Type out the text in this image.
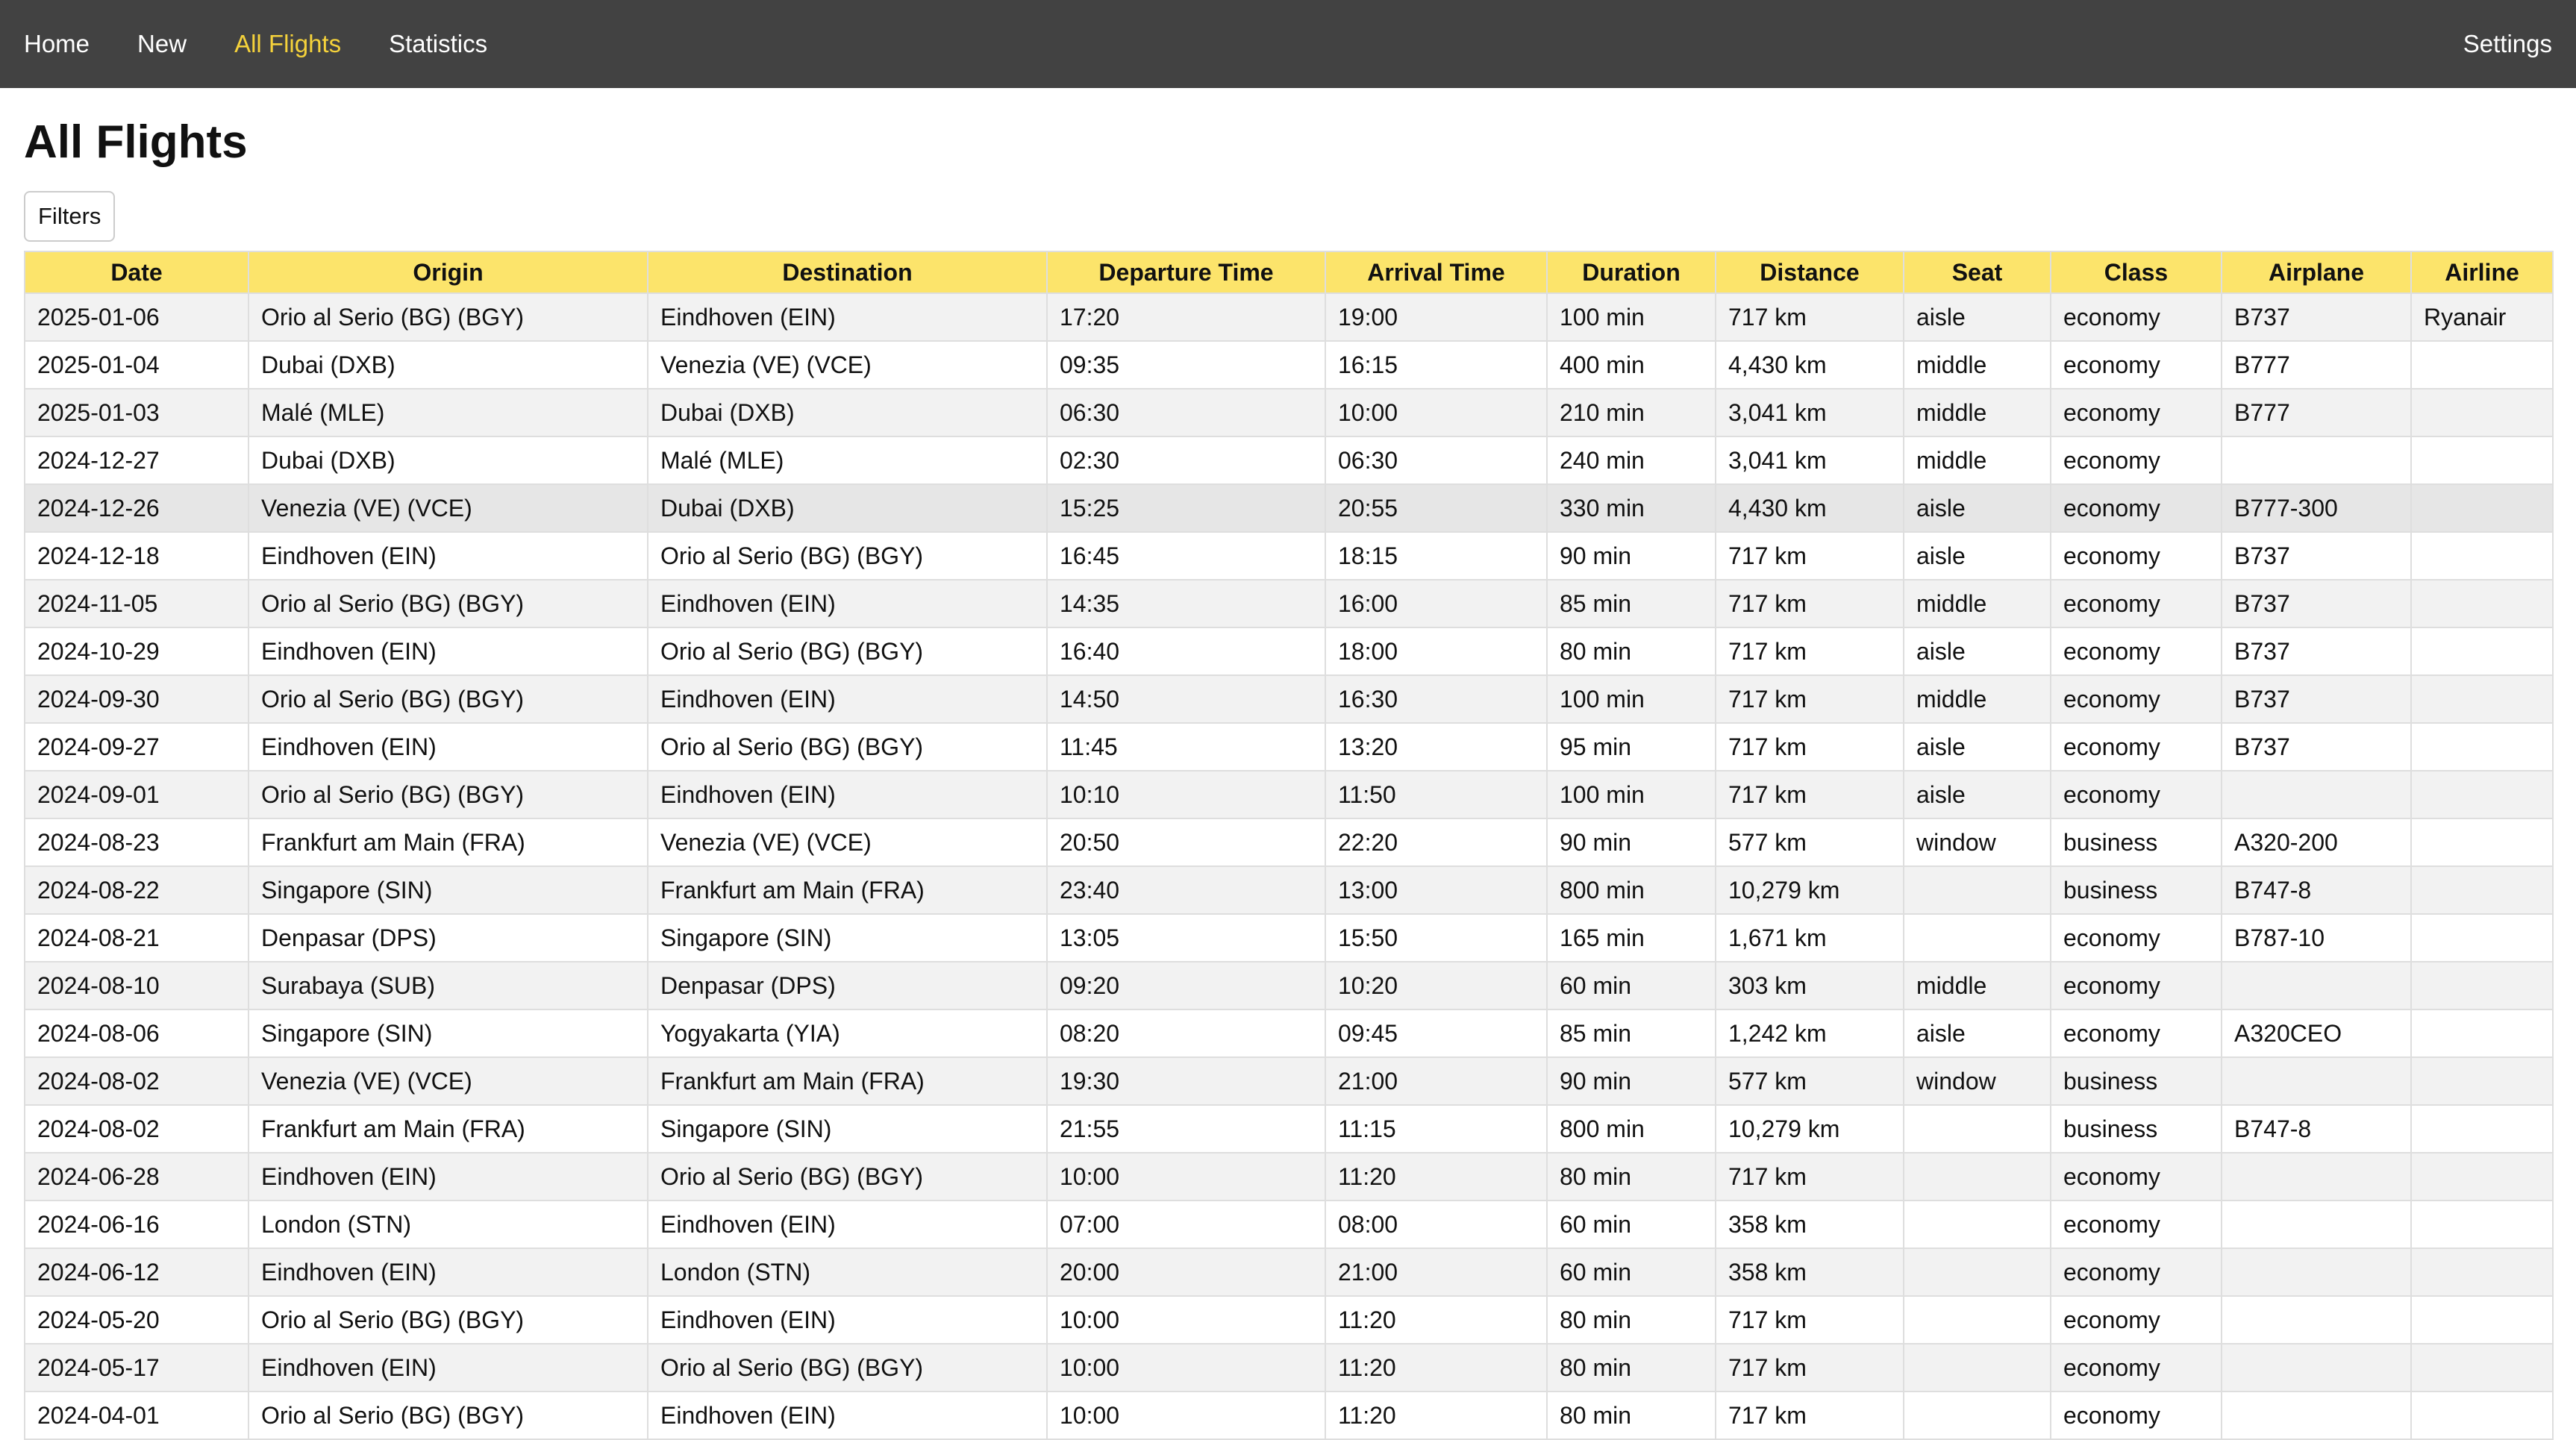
Home New All Flights Statistics	Settings
All Flights
Filters
Date	Origin	Destination	Departure Time	Arrival Time	Duration	Distance	Seat	Class	Airplane	Airline
2025-01-06	Orio al Serio (BG) (BGY)	Eindhoven (EIN)	17:20	19:00	100 min	717 km	aisle	economy	B737	Ryanair
2025-01-04	Dubai (DXB)	Venezia (VE) (VCE)	09:35	16:15	400 min	4,430 km	middle	economy	B777	
2025-01-03	Malé (MLE)	Dubai (DXB)	06:30	10:00	210 min	3,041 km	middle	economy	B777	
2024-12-27	Dubai (DXB)	Malé (MLE)	02:30	06:30	240 min	3,041 km	middle	economy		
2024-12-26	Venezia (VE) (VCE)	Dubai (DXB)	15:25	20:55	330 min	4,430 km	aisle	economy	B777-300	
2024-12-18	Eindhoven (EIN)	Orio al Serio (BG) (BGY)	16:45	18:15	90 min	717 km	aisle	economy	B737	
2024-11-05	Orio al Serio (BG) (BGY)	Eindhoven (EIN)	14:35	16:00	85 min	717 km	middle	economy	B737	
2024-10-29	Eindhoven (EIN)	Orio al Serio (BG) (BGY)	16:40	18:00	80 min	717 km	aisle	economy	B737	
2024-09-30	Orio al Serio (BG) (BGY)	Eindhoven (EIN)	14:50	16:30	100 min	717 km	middle	economy	B737	
2024-09-27	Eindhoven (EIN)	Orio al Serio (BG) (BGY)	11:45	13:20	95 min	717 km	aisle	economy	B737	
2024-09-01	Orio al Serio (BG) (BGY)	Eindhoven (EIN)	10:10	11:50	100 min	717 km	aisle	economy		
2024-08-23	Frankfurt am Main (FRA)	Venezia (VE) (VCE)	20:50	22:20	90 min	577 km	window	business	A320-200	
2024-08-22	Singapore (SIN)	Frankfurt am Main (FRA)	23:40	13:00	800 min	10,279 km		business	B747-8	
2024-08-21	Denpasar (DPS)	Singapore (SIN)	13:05	15:50	165 min	1,671 km		economy	B787-10	
2024-08-10	Surabaya (SUB)	Denpasar (DPS)	09:20	10:20	60 min	303 km	middle	economy		
2024-08-06	Singapore (SIN)	Yogyakarta (YIA)	08:20	09:45	85 min	1,242 km	aisle	economy	A320CEO	
2024-08-02	Venezia (VE) (VCE)	Frankfurt am Main (FRA)	19:30	21:00	90 min	577 km	window	business		
2024-08-02	Frankfurt am Main (FRA)	Singapore (SIN)	21:55	11:15	800 min	10,279 km		business	B747-8	
2024-06-28	Eindhoven (EIN)	Orio al Serio (BG) (BGY)	10:00	11:20	80 min	717 km		economy		
2024-06-16	London (STN)	Eindhoven (EIN)	07:00	08:00	60 min	358 km		economy		
2024-06-12	Eindhoven (EIN)	London (STN)	20:00	21:00	60 min	358 km		economy		
2024-05-20	Orio al Serio (BG) (BGY)	Eindhoven (EIN)	10:00	11:20	80 min	717 km		economy		
2024-05-17	Eindhoven (EIN)	Orio al Serio (BG) (BGY)	10:00	11:20	80 min	717 km		economy		
2024-04-01	Orio al Serio (BG) (BGY)	Eindhoven (EIN)	10:00	11:20	80 min	717 km		economy		
